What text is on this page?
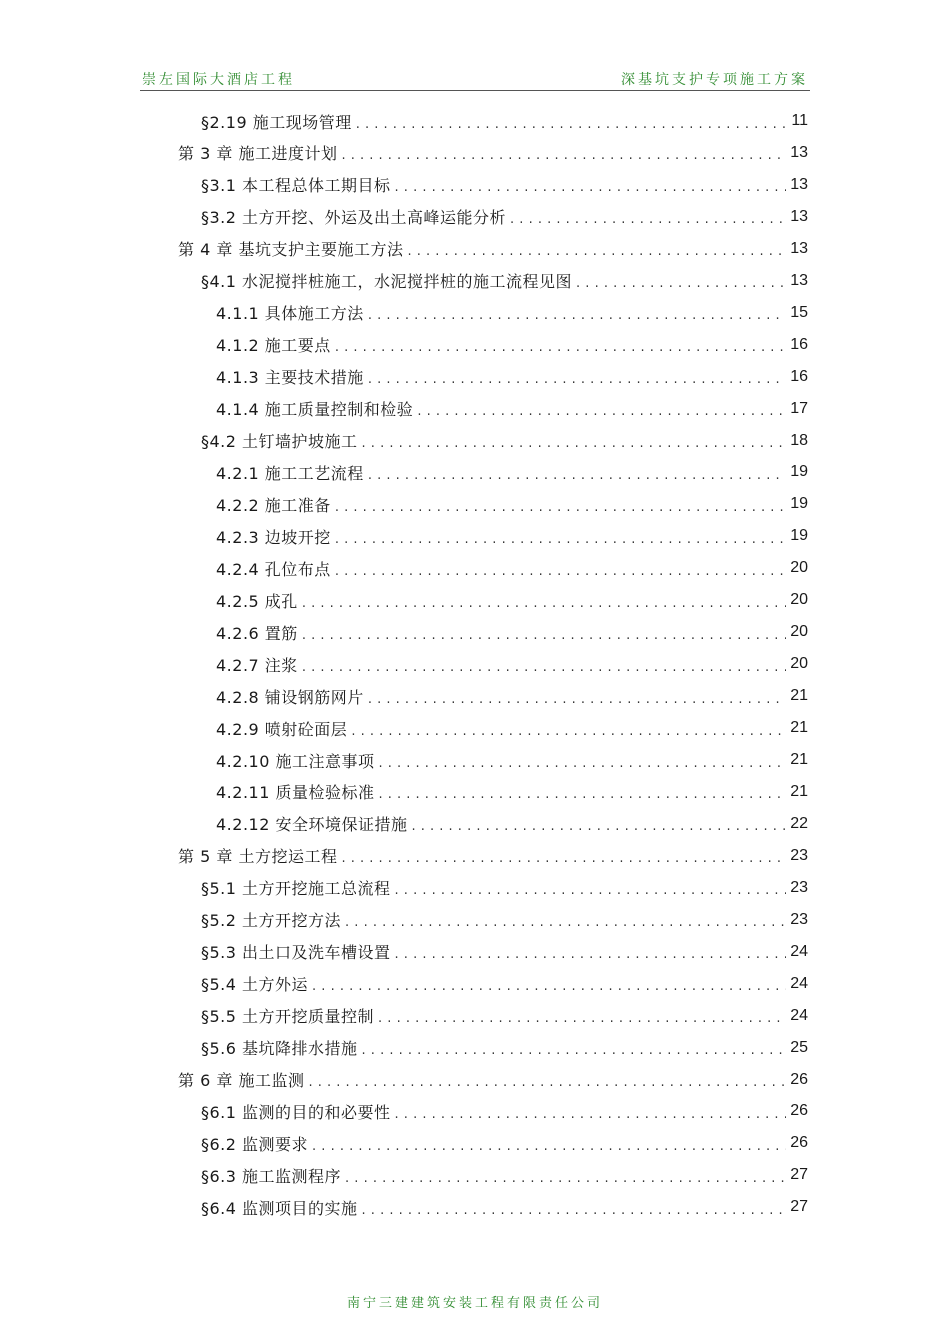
崇左国际大酒店工程	深基坑支护专项施工方案
§2.19 施工现场管理 . . .	11
第 3 章 施工进度计划 . . .	13
§3.1 本工程总体工期目标 . . .	13
§3.2 土方开挖、外运及出土高峰运能分析 . . .	13
第 4 章 基坑支护主要施工方法 . . .	13
§4.1 水泥搅拌桩施工，水泥搅拌桩的施工流程见图 . . .	13
4.1.1 具体施工方法 . . .	15
4.1.2 施工要点 . . .	16
4.1.3 主要技术措施 . . .	16
4.1.4 施工质量控制和检验 . . .	17
§4.2 土钉墙护坡施工 . . .	18
4.2.1 施工工艺流程 . . .	19
4.2.2 施工准备 . . .	19
4.2.3 边坡开挖 . . .	19
4.2.4 孔位布点 . . .	20
4.2.5 成孔 . . .	20
4.2.6 置筋 . . .	20
4.2.7 注浆 . . .	20
4.2.8 铺设钢筋网片 . . .	21
4.2.9 喷射砼面层 . . .	21
4.2.10 施工注意事项 . . .	21
4.2.11 质量检验标准 . . .	21
4.2.12 安全环境保证措施 . . .	22
第 5 章 土方挖运工程 . . .	23
§5.1 土方开挖施工总流程 . . .	23
§5.2 土方开挖方法 . . .	23
§5.3 出土口及洗车槽设置 . . .	24
§5.4 土方外运 . . .	24
§5.5 土方开挖质量控制 . . .	24
§5.6 基坑降排水措施 . . .	25
第 6 章 施工监测 . . .	26
§6.1 监测的目的和必要性 . . .	26
§6.2 监测要求 . . .	26
§6.3 施工监测程序 . . .	27
§6.4 监测项目的实施 . . .	27
南宁三建建筑安装工程有限责任公司
